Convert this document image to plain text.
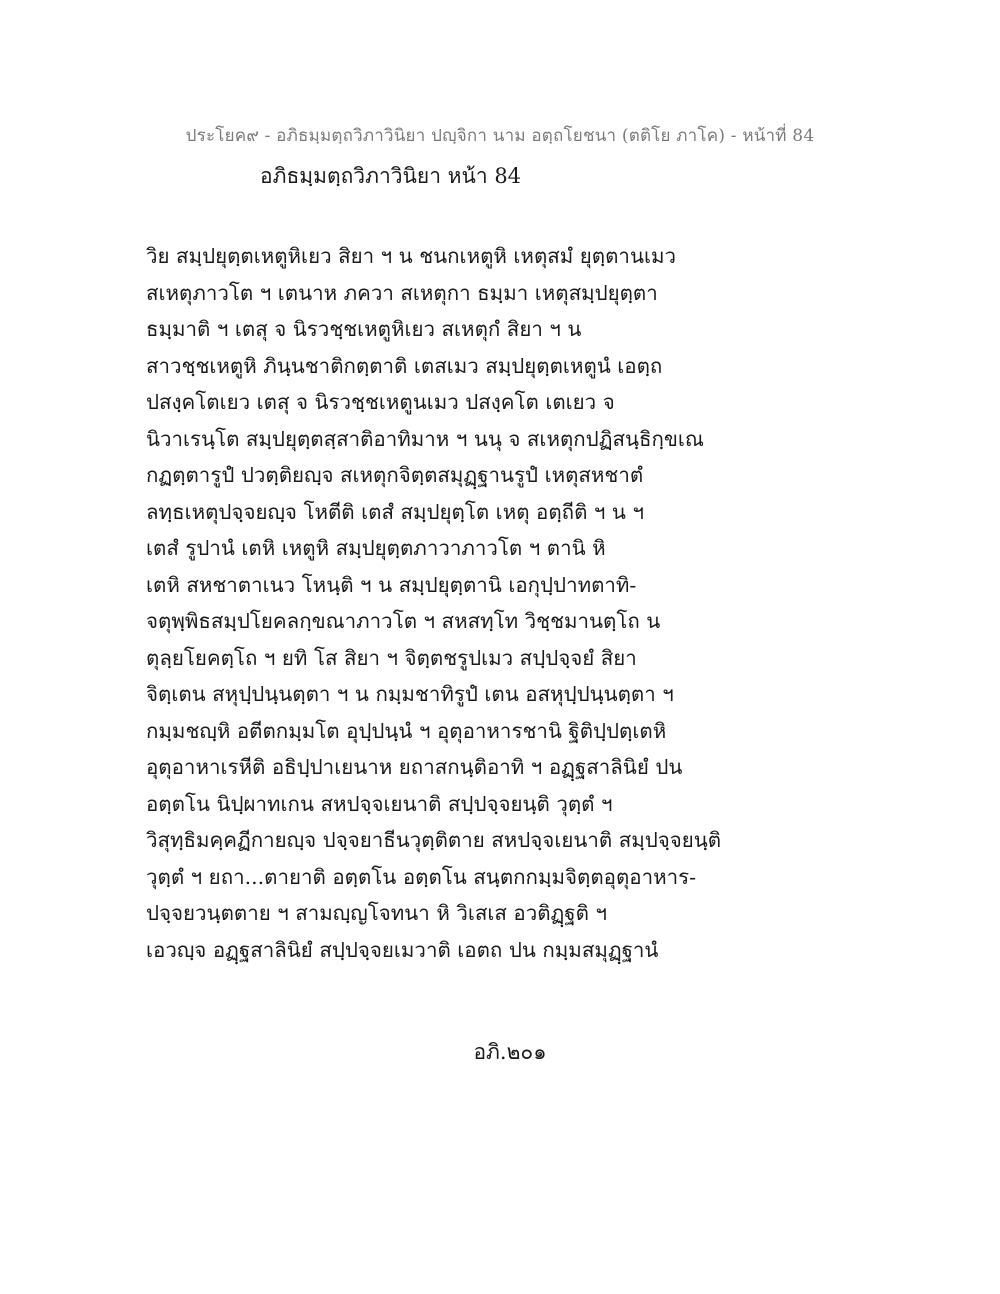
ประโยค๙ - อภิธมฺมตฺถวิภาวินิยา ปญฺจิกา นาม อตฺถโยชนา (ตติโย ภาโค) - หน้าที่ 84
อภิธมฺมตฺถวิภาวินิยา หน้า 84
วิย สมฺปยุตฺตเหตูหิเยว สิยา ฯ น ชนกเหตูหิ เหตุสมํ ยุตฺตานเมว
สเหตุภาวโต ฯ เตนาห ภควา สเหตุกา ธมฺมา เหตุสมฺปยุตฺตา
ธมฺมาติ ฯ เตสุ จ นิรวชฺชเหตูหิเยว สเหตุกํ สิยา ฯ น
สาวชฺชเหตูหิ ภินฺนชาติกตฺตาติ เตสเมว สมฺปยุตฺตเหตูนํ เอตฺถ
ปสงฺคโตเยว เตสุ จ นิรวชฺชเหตูนเมว ปสงฺคโต เตเยว จ
นิวาเรนฺโต สมฺปยุตฺตสฺสาติอาทิมาห ฯ นนุ จ สเหตุกปฏิสนฺธิกฺขเณ
กฏตฺตารูปํ ปวตฺติยญฺจ สเหตุกจิตฺตสมุฏฺฐานรูปํ เหตุสหชาตํ
ลทฺธเหตุปจฺจยญฺจ โหตีติ เตสํ สมฺปยุตฺโต เหตุ อตฺถีติ ฯ น ฯ
เตสํ รูปานํ เตหิ เหตูหิ สมฺปยุตฺตภาวาภาวโต ฯ ตานิ หิ
เตหิ สหชาตาเนว โหนฺติ ฯ น สมฺปยุตฺตานิ เอกุปฺปาทตาทิ-
จตุพฺพิธสมฺปโยคลกฺขณาภาวโต ฯ สหสทฺโท วิชฺชมานตฺโถ น
ตุลฺยโยคตฺโถ ฯ ยทิ โส สิยา ฯ จิตฺตชรูปเมว สปฺปจฺจยํ สิยา
จิตฺเตน สหุปฺปนฺนตฺตา ฯ น กมฺมชาทิรูปํ เตน อสหุปฺปนฺนตฺตา ฯ
กมฺมชญฺหิ อตีตกมฺมโต อุปฺปนฺนํ ฯ อุตุอาหารชานิ ฐิติปฺปตฺเตหิ
อุตุอาหาเรหีติ อธิปฺปาเยนาห ยถาสกนฺติอาทิ ฯ อฏฺฐสาลินิยํ ปน
อตฺตโน นิปฺผาทเกน สหปจฺจเยนาติ สปฺปจฺจยนฺติ วุตฺตํ ฯ
วิสุทฺธิมคฺคฏีกายญฺจ ปจฺจยาธีนวุตฺติตาย สหปจฺจเยนาติ สมฺปจฺจยนฺติ
วุตฺตํ ฯ ยถา...ตายาติ อตฺตโน อตฺตโน สนฺตกกมฺมจิตฺตอุตุอาหาร-
ปจฺจยวนฺตตาย ฯ สามญฺญโจทนา หิ วิเสเส อวติฏฺฐติ ฯ
เอวญฺจ อฏฺฐสาลินิยํ สปฺปจฺจยเมวาติ เอตถ ปน กมฺมสมุฏฺฐานํ
อภิ.๒๐๑
